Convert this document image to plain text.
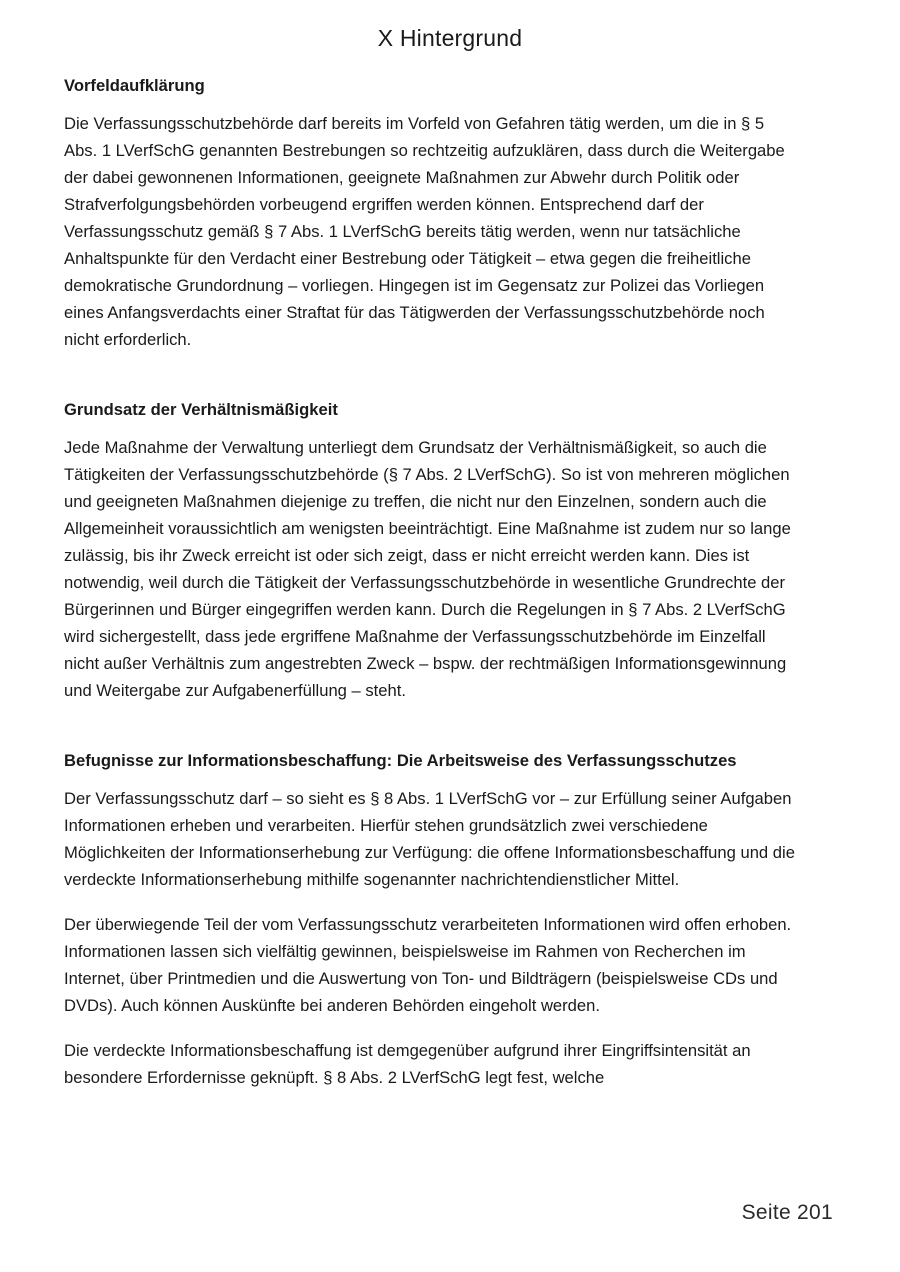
X Hintergrund
Vorfeldaufklärung

Die Verfassungsschutzbehörde darf bereits im Vorfeld von Gefahren tätig werden, um die in § 5 Abs. 1 LVerfSchG genannten Bestrebungen so rechtzeitig aufzuklären, dass durch die Weitergabe der dabei gewonnenen Informationen, geeignete Maßnahmen zur Abwehr durch Politik oder Strafverfolgungsbehörden vorbeugend ergriffen werden können. Entsprechend darf der Verfassungsschutz gemäß § 7 Abs. 1 LVerfSchG bereits tätig werden, wenn nur tatsächliche Anhaltspunkte für den Verdacht einer Bestrebung oder Tätigkeit – etwa gegen die freiheitliche demokratische Grundordnung – vorliegen. Hingegen ist im Gegensatz zur Polizei das Vorliegen eines Anfangsverdachts einer Straftat für das Tätigwerden der Verfassungsschutzbehörde noch nicht erforderlich.

Grundsatz der Verhältnismäßigkeit

Jede Maßnahme der Verwaltung unterliegt dem Grundsatz der Verhältnismäßigkeit, so auch die Tätigkeiten der Verfassungsschutzbehörde (§ 7 Abs. 2 LVerfSchG). So ist von mehreren möglichen und geeigneten Maßnahmen diejenige zu treffen, die nicht nur den Einzelnen, sondern auch die Allgemeinheit voraussichtlich am wenigsten beeinträchtigt. Eine Maßnahme ist zudem nur so lange zulässig, bis ihr Zweck erreicht ist oder sich zeigt, dass er nicht erreicht werden kann. Dies ist notwendig, weil durch die Tätigkeit der Verfassungsschutzbehörde in wesentliche Grundrechte der Bürgerinnen und Bürger eingegriffen werden kann. Durch die Regelungen in § 7 Abs. 2 LVerfSchG wird sichergestellt, dass jede ergriffene Maßnahme der Verfassungsschutzbehörde im Einzelfall nicht außer Verhältnis zum angestrebten Zweck – bspw. der rechtmäßigen Informationsgewinnung und Weitergabe zur Aufgabenerfüllung – steht.

Befugnisse zur Informationsbeschaffung: Die Arbeitsweise des Verfassungsschutzes

Der Verfassungsschutz darf – so sieht es § 8 Abs. 1 LVerfSchG vor – zur Erfüllung seiner Aufgaben Informationen erheben und verarbeiten. Hierfür stehen grundsätzlich zwei verschiedene Möglichkeiten der Informationserhebung zur Verfügung: die offene Informationsbeschaffung und die verdeckte Informationserhebung mithilfe sogenannter nachrichtendienstlicher Mittel.

Der überwiegende Teil der vom Verfassungsschutz verarbeiteten Informationen wird offen erhoben. Informationen lassen sich vielfältig gewinnen, beispielsweise im Rahmen von Recherchen im Internet, über Printmedien und die Auswertung von Ton- und Bildträgern (beispielsweise CDs und DVDs). Auch können Auskünfte bei anderen Behörden eingeholt werden.

Die verdeckte Informationsbeschaffung ist demgegenüber aufgrund ihrer Eingriffsintensität an besondere Erfordernisse geknüpft. § 8 Abs. 2 LVerfSchG legt fest, welche

Seite 201
